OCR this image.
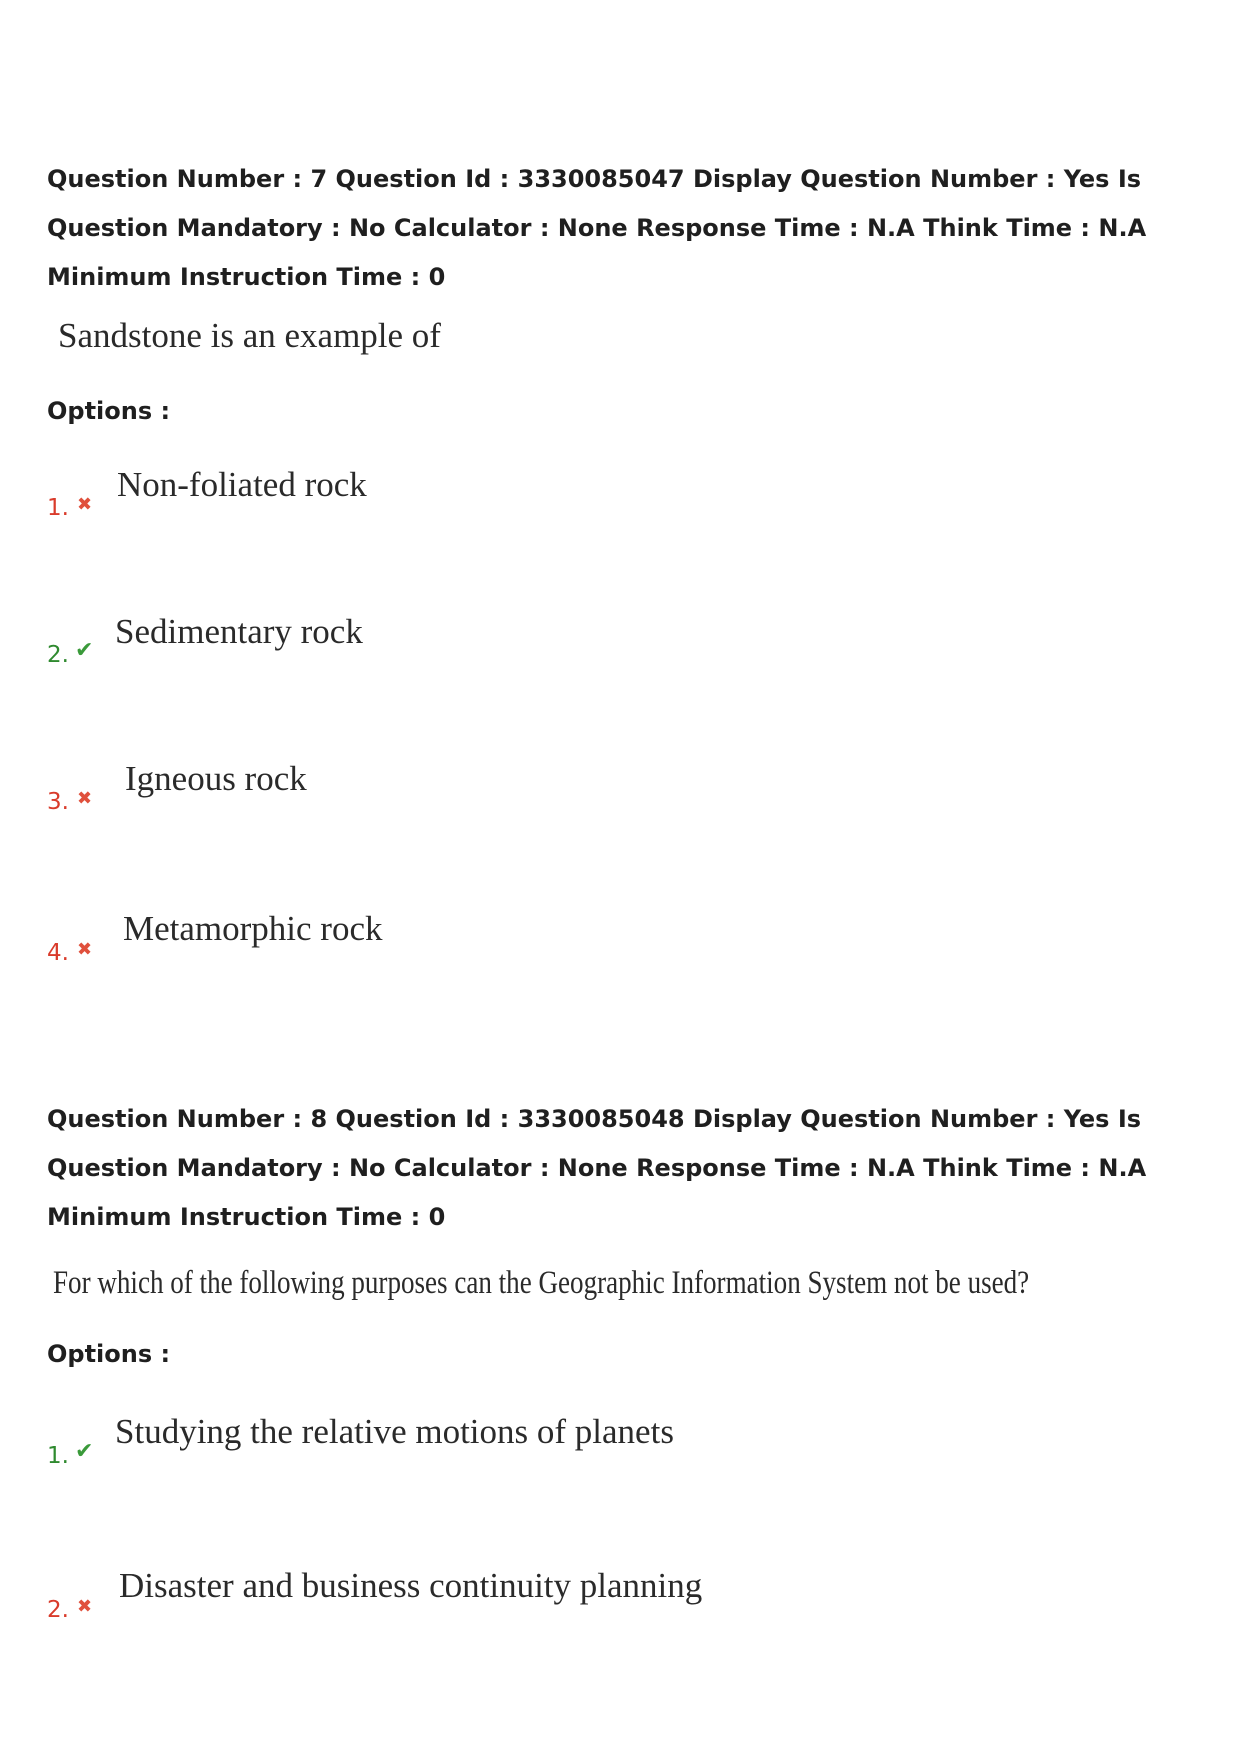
Question Number : 7 Question Id : 3330085047 Display Question Number : Yes Is Question Mandatory : No Calculator : None Response Time : N.A Think Time : N.A Minimum Instruction Time : 0

Sandstone is an example of
Options :
1. ✖
Non-foliated rock
2. ✔ Sedimentary rock
3. ✖
Igneous rock
4. ✖
Metamorphic rock

Question Number : 8 Question Id : 3330085048 Display Question Number : Yes Is Question Mandatory : No Calculator : None Response Time : N.A Think Time : N.A Minimum Instruction Time : 0

For which of the following purposes can the Geographic Information System not be used?
Options :
1. ✔
Studying the relative motions of planets
2. ✖
Disaster and business continuity planning
